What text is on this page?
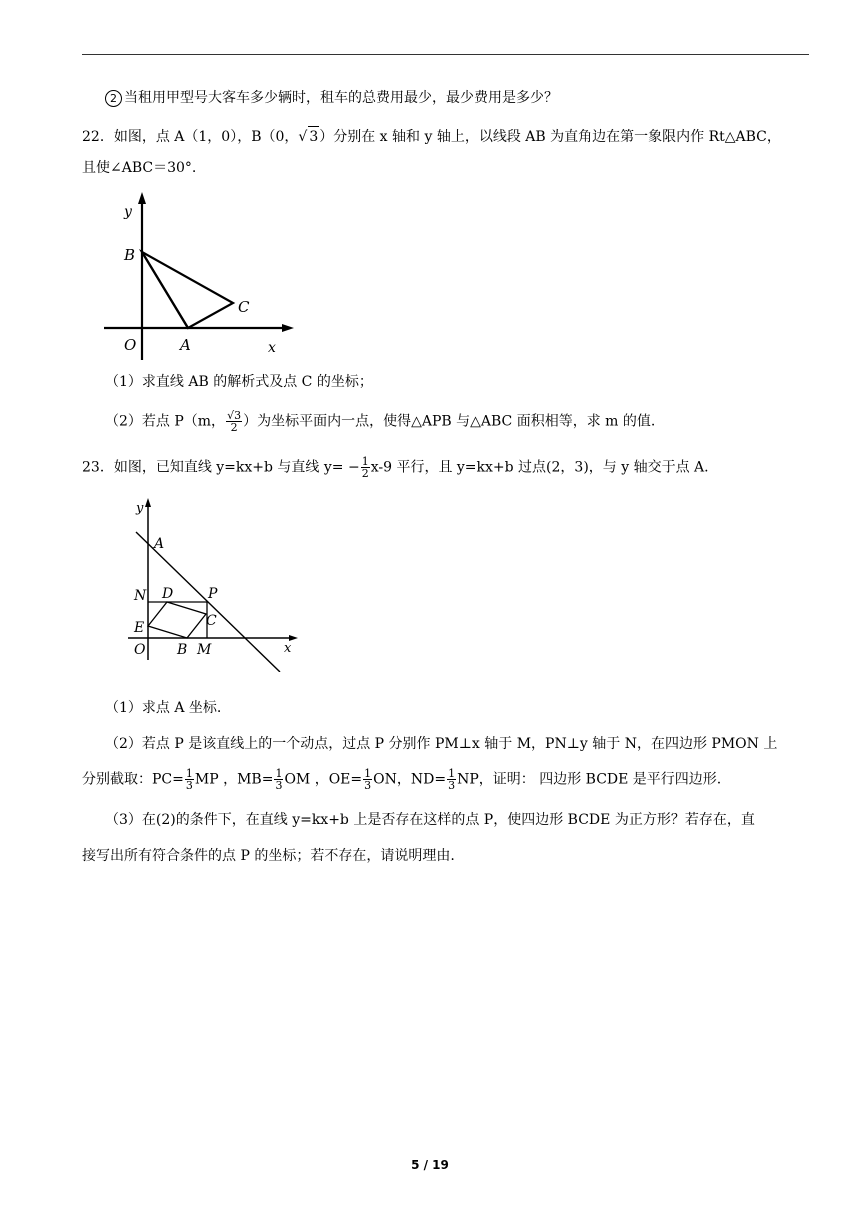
2 当租用甲型号大客车多少辆时，租车的总费用最少，最少费用是多少？
22．如图，点 A（1，0），B（0，√ 3）分别在 x 轴和 y 轴上，以线段 AB 为直角边在第一象限内作 Rt△ABC，
且使∠ABC＝30°.
y
B
C
O	A	x
（1）求直线 AB 的解析式及点 C 的坐标；
（2）若点 P（m， $\frac{√3}{2}$ ）为坐标平面内一点，使得△APB 与△ABC 面积相等，求 m 的值.
23．如图，已知直线 y=kx+b 与直线 $y= - \frac{1}{2} x-9$ 平行，且 y=kx+b 过点(2，3)，与 y 轴交于点 A.
y
A
N D P
C
E
O B M	x
（1）求点 A 坐标.
（2）若点 P 是该直线上的一个动点，过点 P 分别作 PM⊥x 轴于 M，PN⊥y 轴于 N，在四边形 PMON 上
分别截取：$PC= \frac{1}{3}$ MP ，$MB= \frac{1}{3}$ OM ，$OE= \frac{1}{3}$ ON，$ND= \frac{1}{3}$ NP，证明： 四边形 BCDE 是平行四边形.
（3）在(2)的条件下，在直线 y=kx+b 上是否存在这样的点 P，使四边形 BCDE 为正方形？若存在，直
接写出所有符合条件的点 P 的坐标；若不存在，请说明理由.
5 / 19
